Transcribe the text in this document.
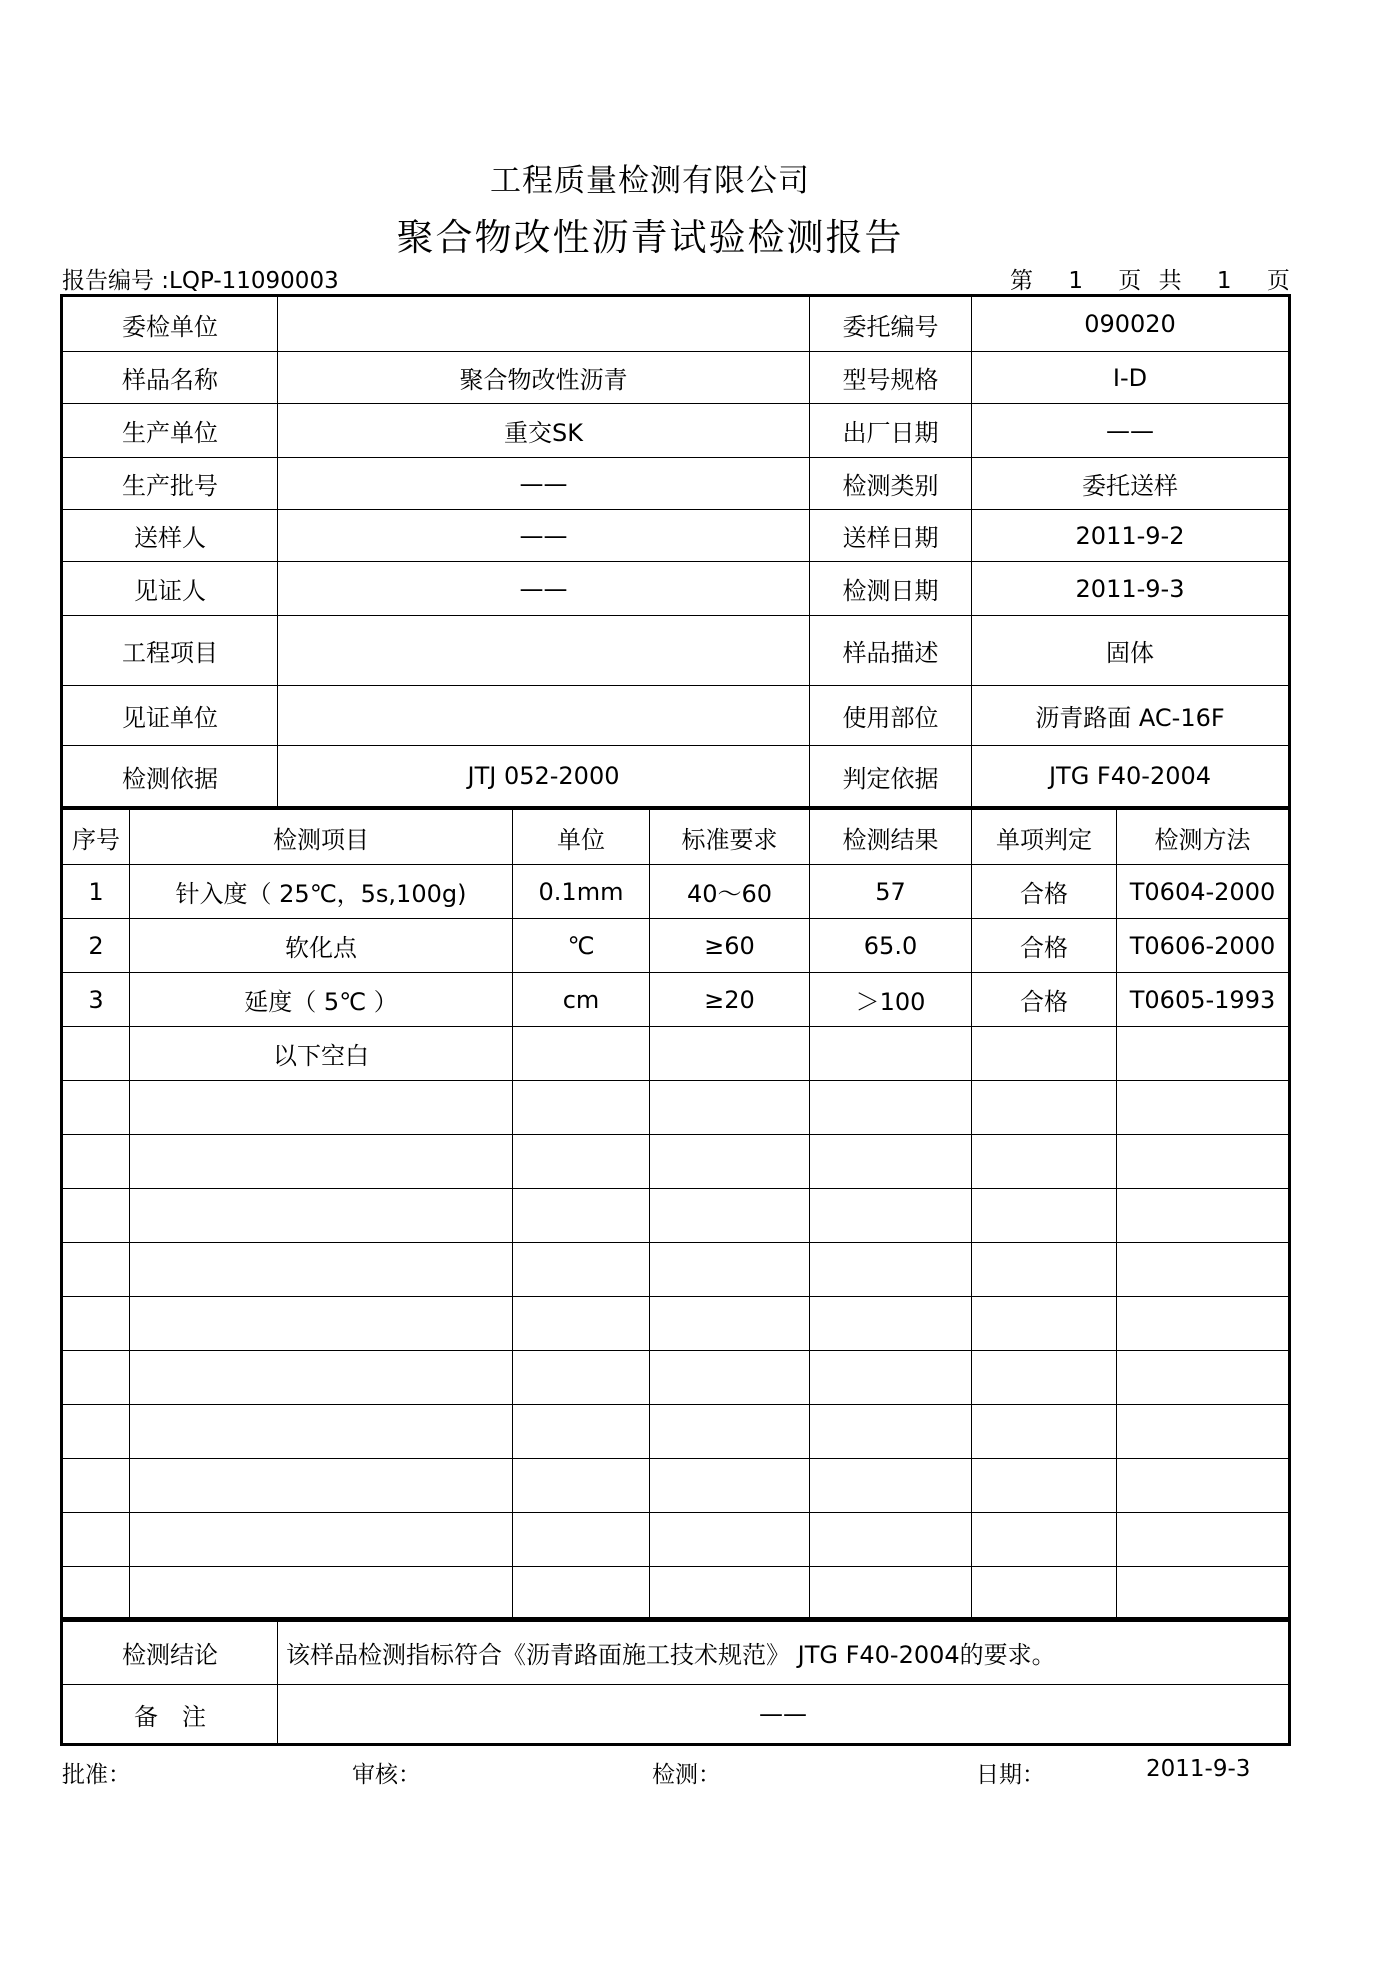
工程质量检测有限公司
聚合物改性沥青试验检测报告
报告编号 :LQP-11090003	第 1 页 共 1 页
委检单位		委托编号	090020
样品名称	聚合物改性沥青	型号规格	I-D
生产单位	重交SK	出厂日期	——
生产批号	——	检测类别	委托送样
送样人	——	送样日期	2011-9-2
见证人	——	检测日期	2011-9-3
工程项目		样品描述	固体
见证单位		使用部位	沥青路面 AC-16F
检测依据	JTJ 052-2000	判定依据	JTG F40-2004
序号	检测项目	单位	标准要求	检测结果	单项判定	检测方法
1	针入度（ 25℃，5s,100g)	0.1mm	40～60	57	合格	T0604-2000
2	软化点	℃	≥60	65.0	合格	T0606-2000
3	延度（ 5℃ ）	cm	≥20	＞100	合格	T0605-1993
	以下空白					

检测结论	该样品检测指标符合《沥青路面施工技术规范》 JTG F40-2004的要求。
备　注	——
批准：	审核：	检测：	日期：	2011-9-3
